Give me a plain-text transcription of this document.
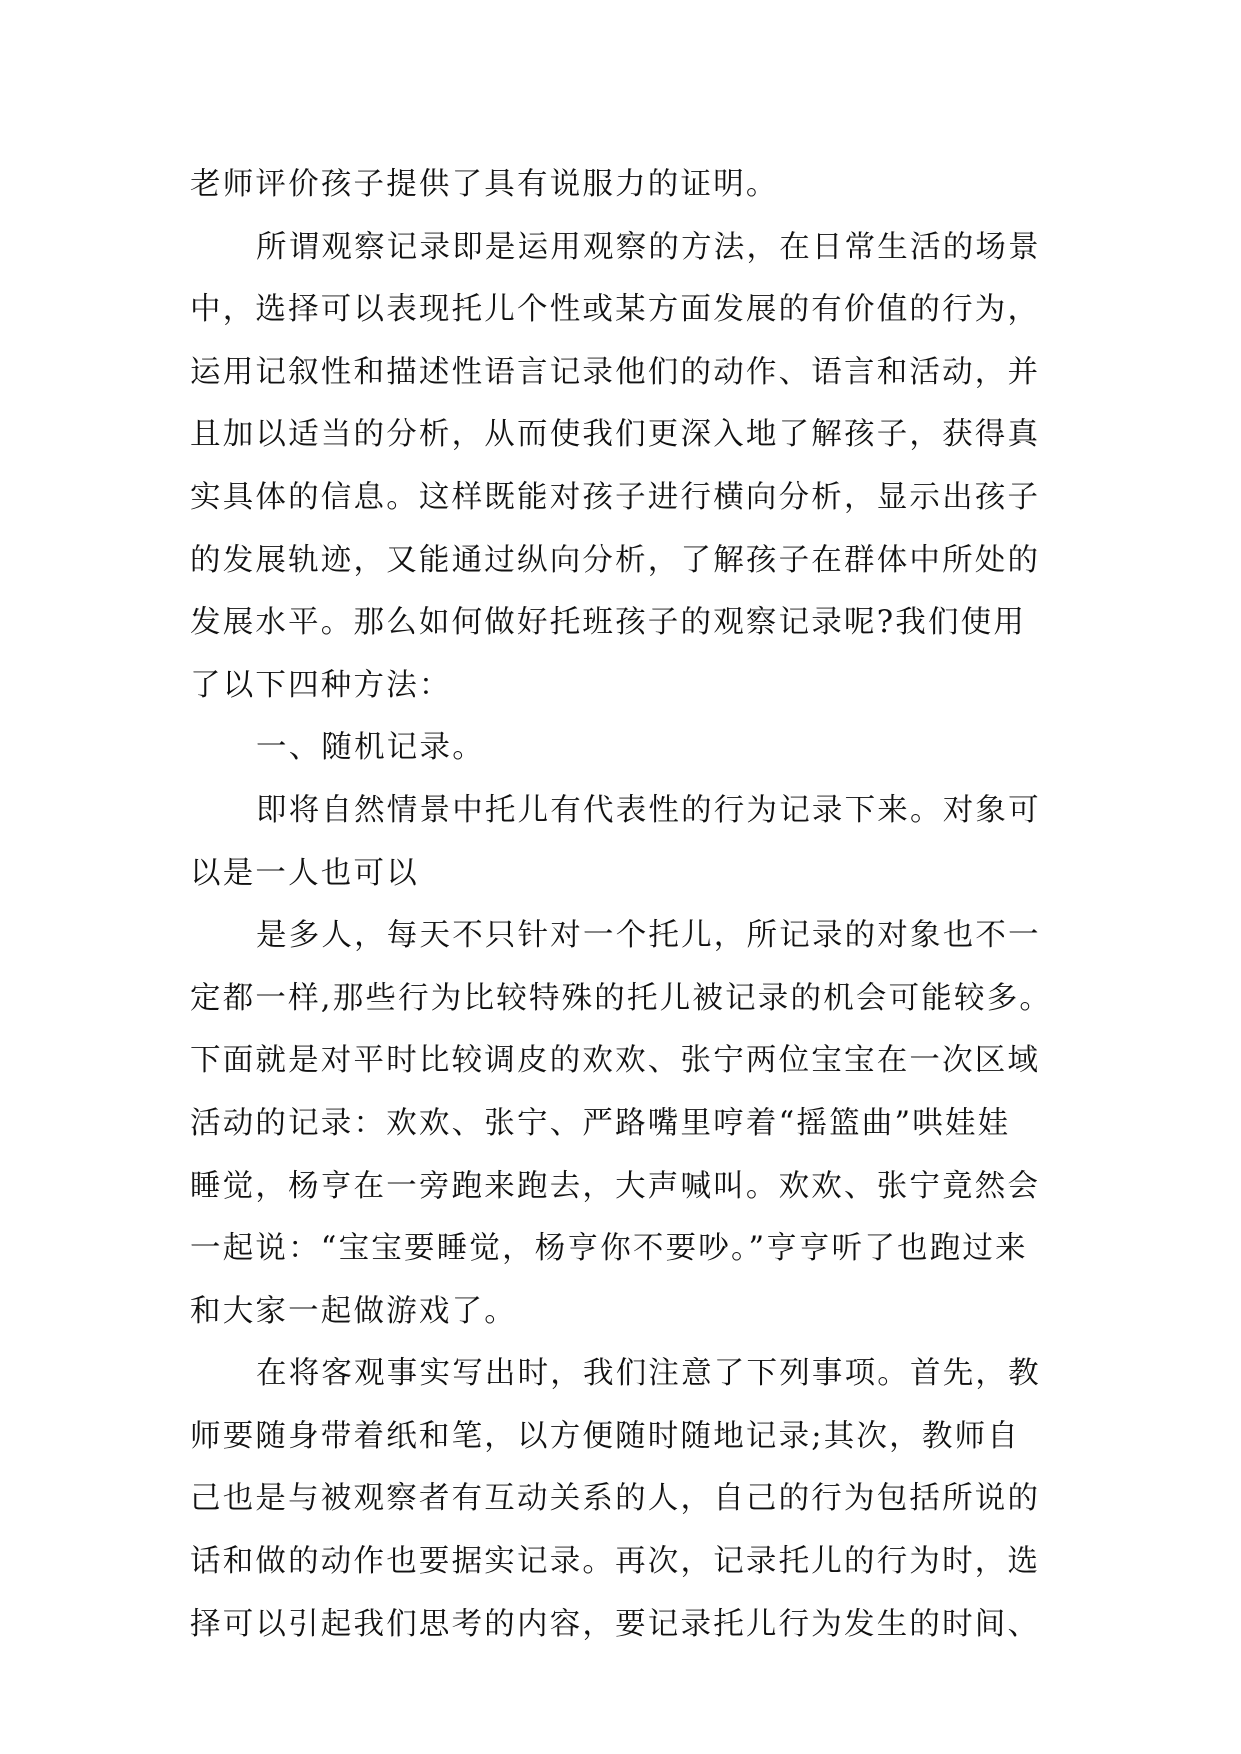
老师评价孩子提供了具有说服力的证明。
所谓观察记录即是运用观察的方法，在日常生活的场景
中，选择可以表现托儿个性或某方面发展的有价值的行为，
运用记叙性和描述性语言记录他们的动作、语言和活动，并
且加以适当的分析，从而使我们更深入地了解孩子，获得真
实具体的信息。这样既能对孩子进行横向分析，显示出孩子
的发展轨迹，又能通过纵向分析，了解孩子在群体中所处的
发展水平。那么如何做好托班孩子的观察记录呢?我们使用
了以下四种方法：
一、随机记录。
即将自然情景中托儿有代表性的行为记录下来。对象可
以是一人也可以
是多人，每天不只针对一个托儿，所记录的对象也不一
定都一样,那些行为比较特殊的托儿被记录的机会可能较多。
下面就是对平时比较调皮的欢欢、张宁两位宝宝在一次区域
活动的记录：欢欢、张宁、严路嘴里哼着“摇篮曲”哄娃娃
睡觉，杨亨在一旁跑来跑去，大声喊叫。欢欢、张宁竟然会
一起说：“宝宝要睡觉，杨亨你不要吵。”亨亨听了也跑过来
和大家一起做游戏了。
在将客观事实写出时，我们注意了下列事项。首先，教
师要随身带着纸和笔，以方便随时随地记录;其次，教师自
己也是与被观察者有互动关系的人，自己的行为包括所说的
话和做的动作也要据实记录。再次，记录托儿的行为时，选
择可以引起我们思考的内容，要记录托儿行为发生的时间、
